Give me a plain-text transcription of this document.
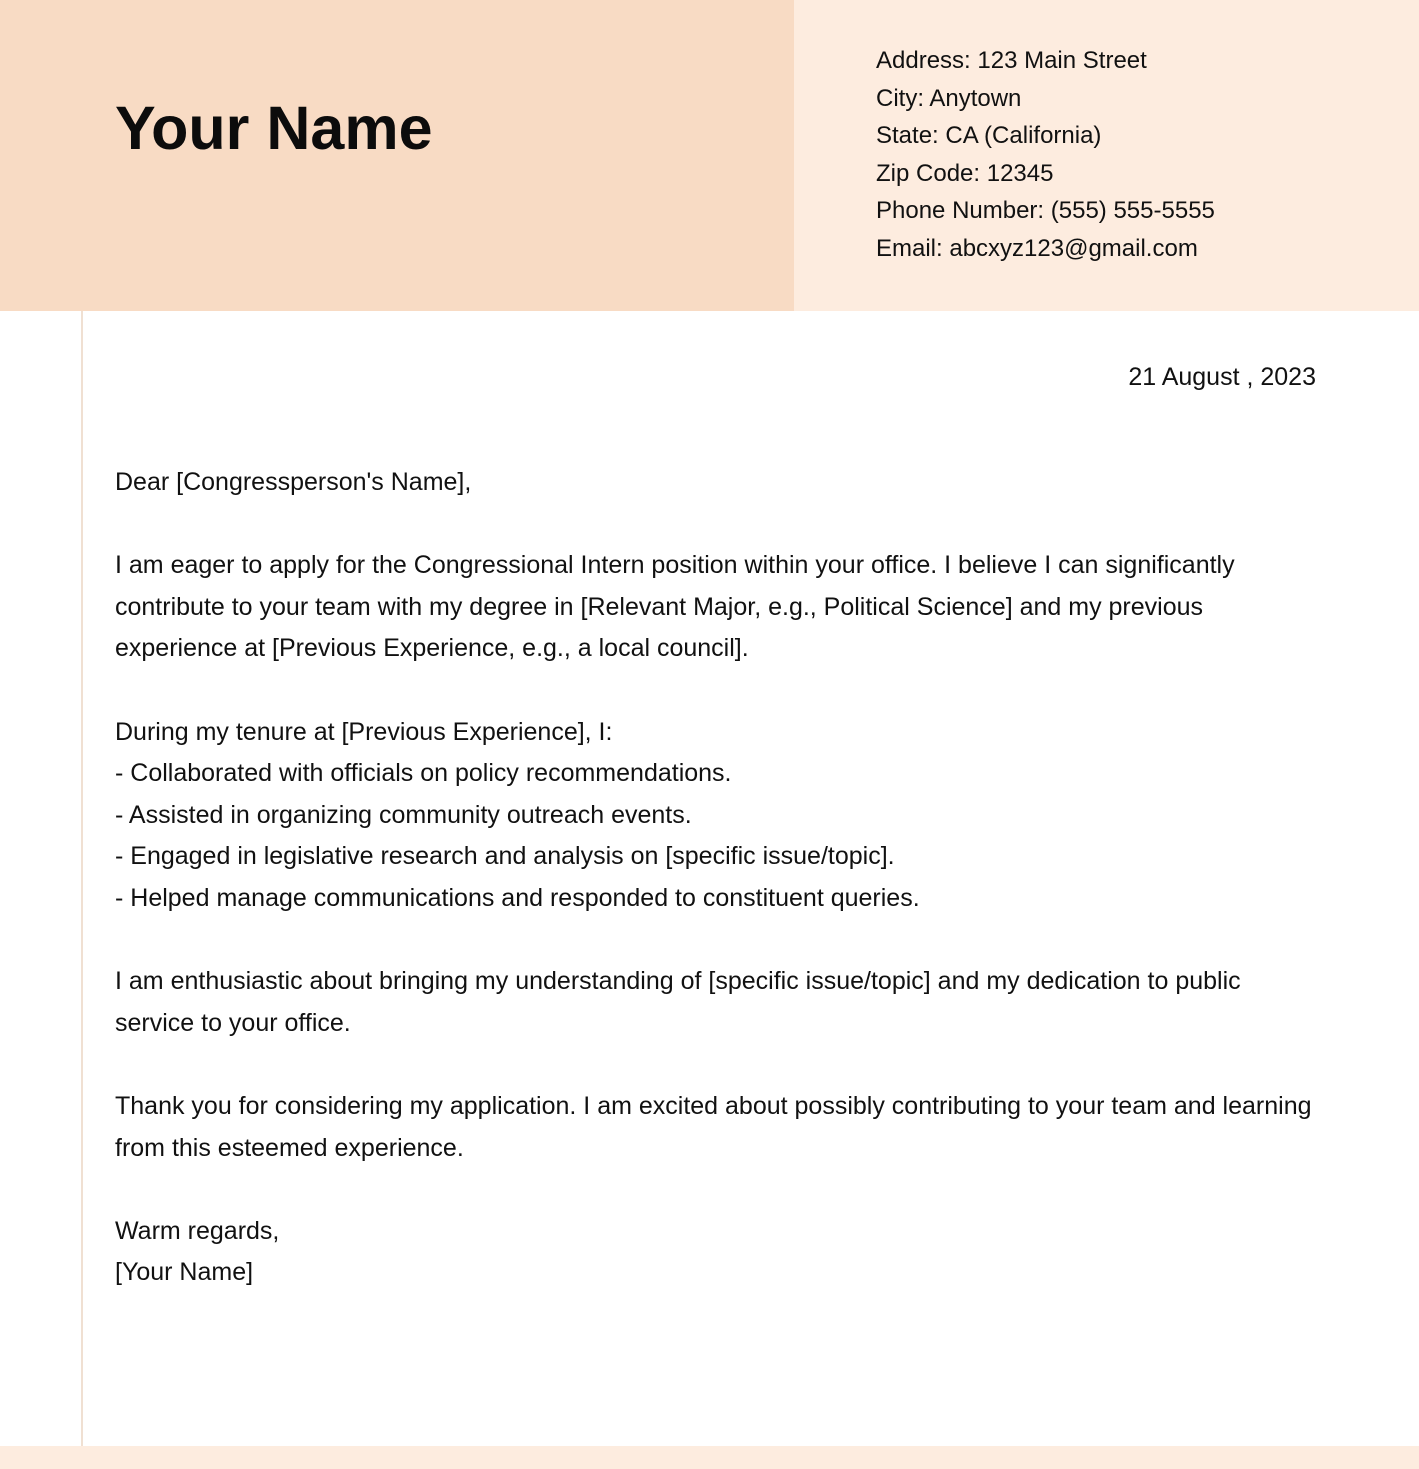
Your Name
Address: 123 Main Street
City: Anytown
State: CA (California)
Zip Code: 12345
Phone Number: (555) 555-5555
Email: abcxyz123@gmail.com
21 August , 2023

Dear [Congressperson's Name],

I am eager to apply for the Congressional Intern position within your office. I believe I can significantly contribute to your team with my degree in [Relevant Major, e.g., Political Science] and my previous experience at [Previous Experience, e.g., a local council].

During my tenure at [Previous Experience], I:
- Collaborated with officials on policy recommendations.
- Assisted in organizing community outreach events.
- Engaged in legislative research and analysis on [specific issue/topic].
- Helped manage communications and responded to constituent queries.

I am enthusiastic about bringing my understanding of [specific issue/topic] and my dedication to public service to your office.

Thank you for considering my application. I am excited about possibly contributing to your team and learning from this esteemed experience.

Warm regards,
[Your Name]
